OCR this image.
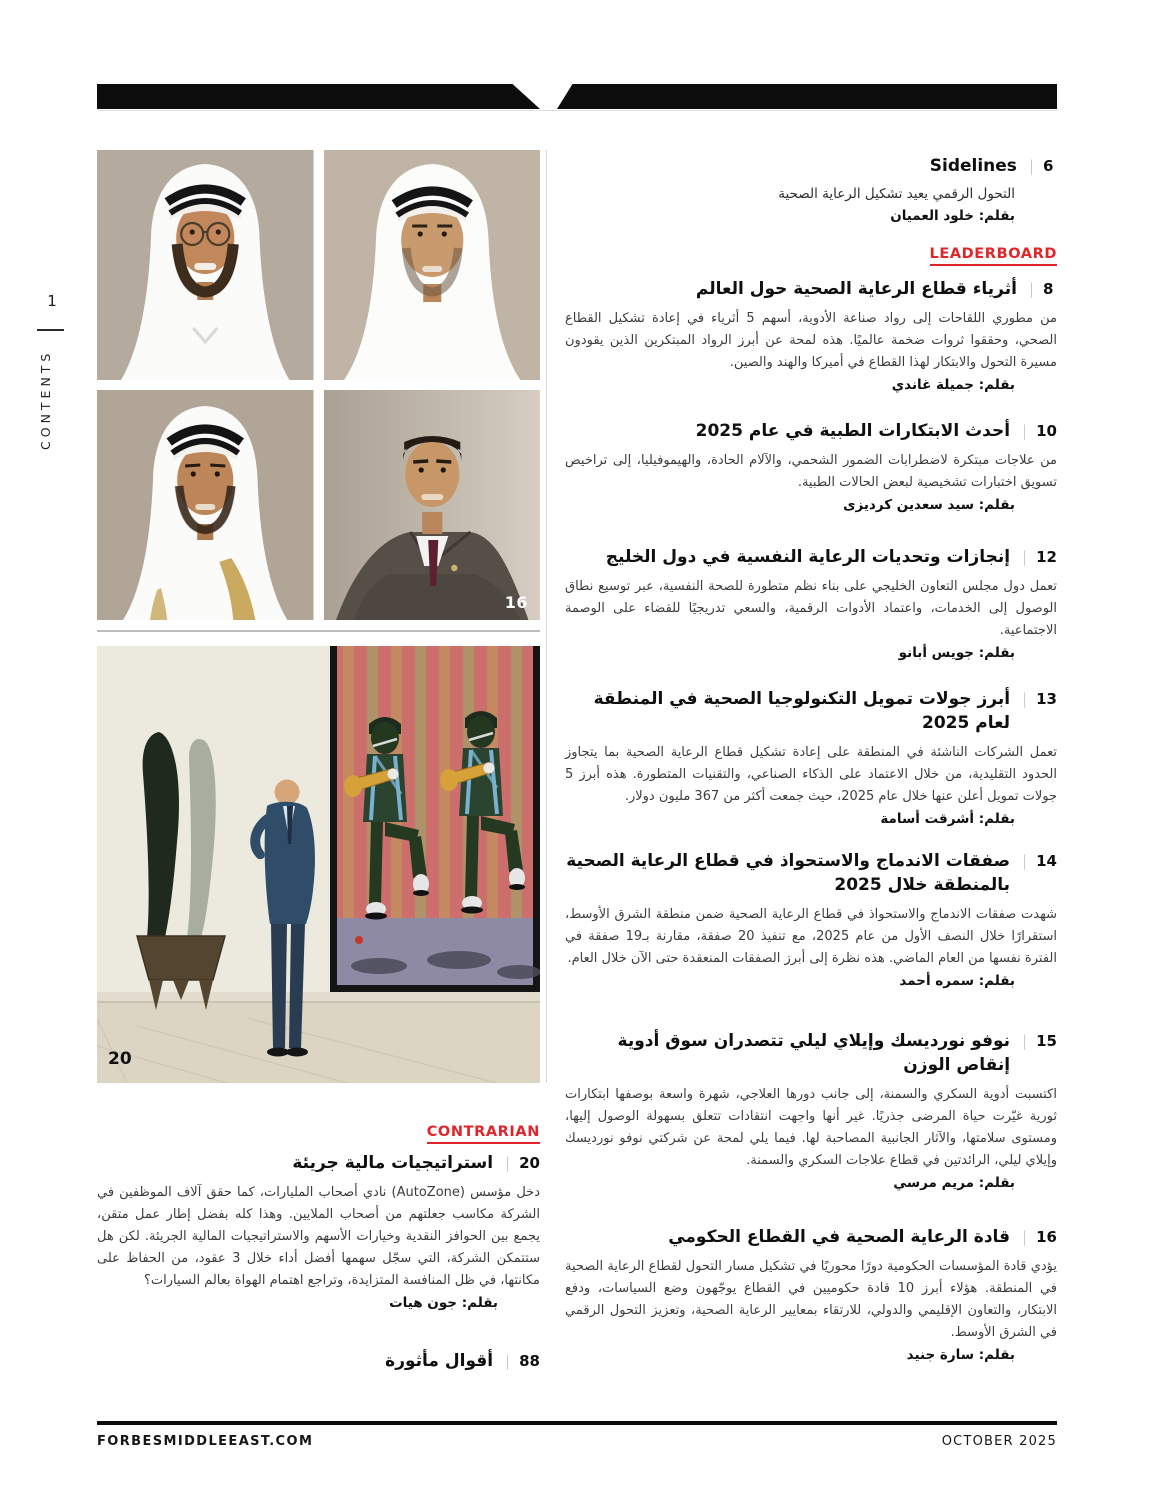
1
CONTENTS
16
20
6
|
Sidelines
التحول الرقمي يعيد تشكيل الرعاية الصحية
بقلم: خلود العميان
LEADERBOARD
8
|
أثرياء قطاع الرعاية الصحية حول العالم
من مطوري اللقاحات إلى رواد صناعة الأدوية، أسهم 5 أثرياء في إعادة تشكيل القطاع الصحي، وحققوا ثروات ضخمة عالميًا. هذه لمحة عن أبرز الرواد المبتكرين الذين يقودون مسيرة التحول والابتكار لهذا القطاع في أميركا والهند والصين.
بقلم: جميلة غاندي
10
|
أحدث الابتكارات الطبية في عام 2025
من علاجات مبتكرة لاضطرابات الضمور الشحمي، والآلام الحادة، والهيموفيليا، إلى تراخيص تسويق اختبارات تشخيصية لبعض الحالات الطبية.
بقلم: سيد سعدين كرديزى
12
|
إنجازات وتحديات الرعاية النفسية في دول الخليج
تعمل دول مجلس التعاون الخليجي على بناء نظم متطورة للصحة النفسية، عبر توسيع نطاق الوصول إلى الخدمات، واعتماد الأدوات الرقمية، والسعي تدريجيًا للقضاء على الوصمة الاجتماعية.
بقلم: جويس أبانو
13
|
أبرز جولات تمويل التكنولوجيا الصحية في المنطقة لعام 2025
تعمل الشركات الناشئة في المنطقة على إعادة تشكيل قطاع الرعاية الصحية بما يتجاوز الحدود التقليدية، من خلال الاعتماد على الذكاء الصناعي، والتقنيات المتطورة. هذه أبرز 5 جولات تمويل أعلن عنها خلال عام 2025، حيث جمعت أكثر من 367 مليون دولار.
بقلم: أشرقت أسامة
14
|
صفقات الاندماج والاستحواذ في قطاع الرعاية الصحية بالمنطقة خلال 2025
شهدت صفقات الاندماج والاستحواذ في قطاع الرعاية الصحية ضمن منطقة الشرق الأوسط، استقرارًا خلال النصف الأول من عام 2025، مع تنفيذ 20 صفقة، مقارنة بـ19 صفقة في الفترة نفسها من العام الماضي. هذه نظرة إلى أبرز الصفقات المنعقدة حتى الآن خلال العام.
بقلم: سمره أحمد
15
|
نوفو نورديسك وإيلاي ليلي تتصدران سوق أدوية إنقاص الوزن
اكتسبت أدوية السكري والسمنة، إلى جانب دورها العلاجي، شهرة واسعة بوصفها ابتكارات ثورية غيّرت حياة المرضى جذريًا. غير أنها واجهت انتقادات تتعلق بسهولة الوصول إليها، ومستوى سلامتها، والآثار الجانبية المصاحبة لها. فيما يلي لمحة عن شركتي نوفو نورديسك وإيلاي ليلي، الرائدتين في قطاع علاجات السكري والسمنة.
بقلم: مريم مرسي
16
|
قادة الرعاية الصحية في القطاع الحكومي
يؤدي قادة المؤسسات الحكومية دورًا محوريًا في تشكيل مسار التحول لقطاع الرعاية الصحية في المنطقة. هؤلاء أبرز 10 قادة حكوميين في القطاع يوجّهون وضع السياسات، ودفع الابتكار، والتعاون الإقليمي والدولي، للارتقاء بمعايير الرعاية الصحية، وتعزيز التحول الرقمي في الشرق الأوسط.
بقلم: سارة جنيد
CONTRARIAN
20
|
استراتيجيات مالية جريئة
دخل مؤسس (AutoZone) نادي أصحاب المليارات، كما حقق آلاف الموظفين في الشركة مكاسب جعلتهم من أصحاب الملايين. وهذا كله بفضل إطار عمل متقن، يجمع بين الحوافز النقدية وخيارات الأسهم والاستراتيجيات المالية الجريئة. لكن هل ستتمكن الشركة، التي سجّل سهمها أفضل أداء خلال 3 عقود، من الحفاظ على مكانتها، في ظل المنافسة المتزايدة، وتراجع اهتمام الهواة بعالم السيارات؟
بقلم: جون هيات
88
|
أقوال مأثورة
FORBESMIDDLEEAST.COM	OCTOBER 2025
